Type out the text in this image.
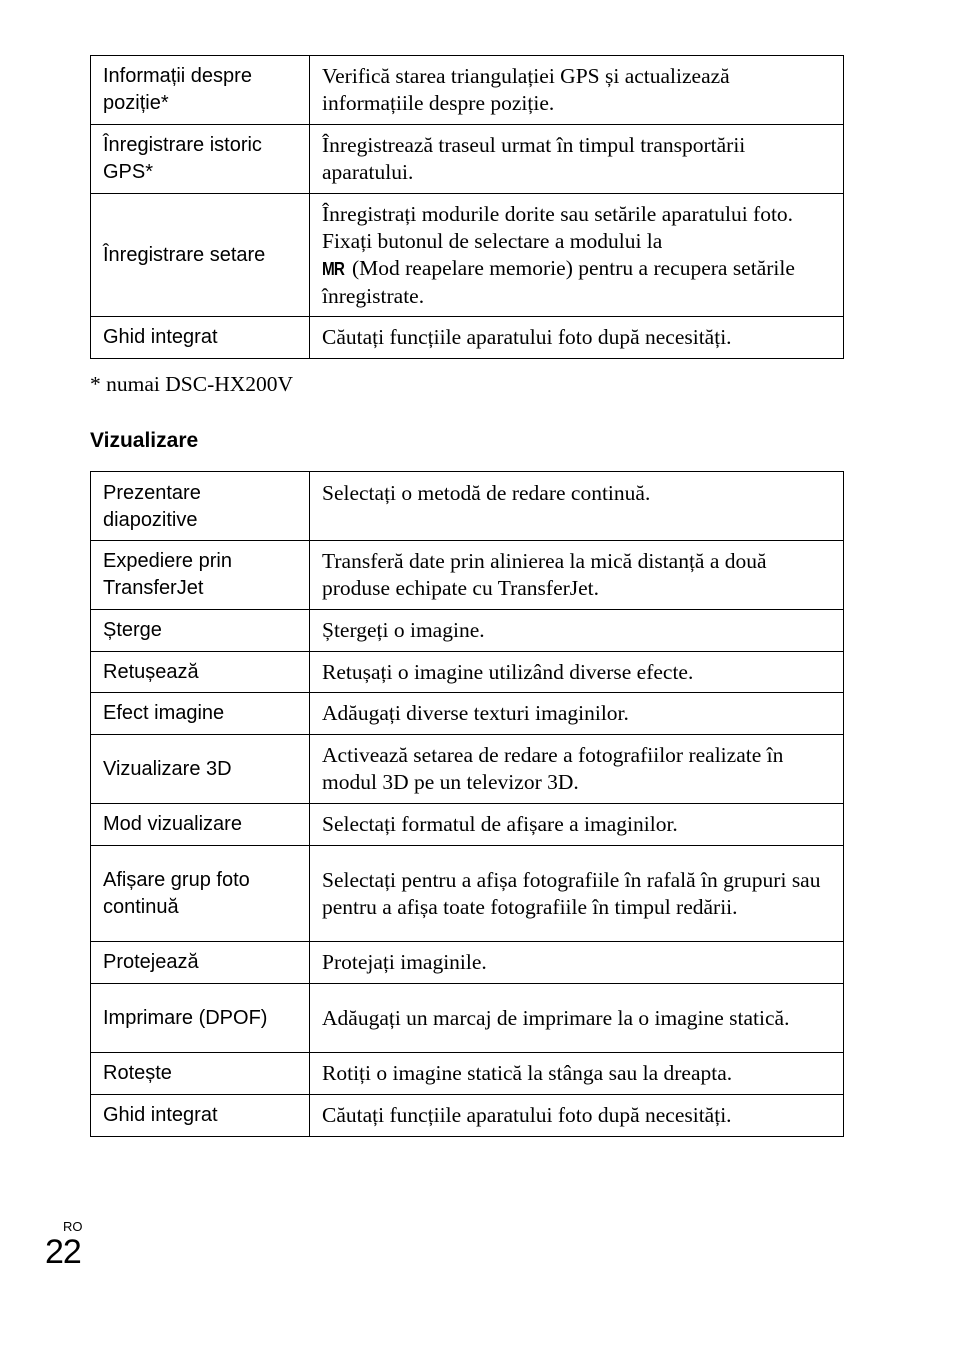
Informații despre poziție*	Verifică starea triangulației GPS și actualizează informațiile despre poziție.
Înregistrare istoric GPS*	Înregistrează traseul urmat în timpul transportării aparatului.
Înregistrare setare	Înregistrați modurile dorite sau setările aparatului foto. Fixați butonul de selectare a modului la
MR (Mod reapelare memorie) pentru a recupera setările înregistrate.
Ghid integrat	Căutați funcțiile aparatului foto după necesități.
* numai DSC-HX200V
Vizualizare
Prezentare diapozitive	Selectați o metodă de redare continuă.
Expediere prin TransferJet	Transferă date prin alinierea la mică distanță a două produse echipate cu TransferJet.
Șterge	Ștergeți o imagine.
Retușează	Retușați o imagine utilizând diverse efecte.
Efect imagine	Adăugați diverse texturi imaginilor.
Vizualizare 3D	Activează setarea de redare a fotografiilor realizate în modul 3D pe un televizor 3D.
Mod vizualizare	Selectați formatul de afișare a imaginilor.
Afișare grup foto continuă	Selectați pentru a afișa fotografiile în rafală în grupuri sau pentru a afișa toate fotografiile în timpul redării.
Protejează	Protejați imaginile.
Imprimare (DPOF)	Adăugați un marcaj de imprimare la o imagine statică.
Rotește	Rotiți o imagine statică la stânga sau la dreapta.
Ghid integrat	Căutați funcțiile aparatului foto după necesități.
RO
22
